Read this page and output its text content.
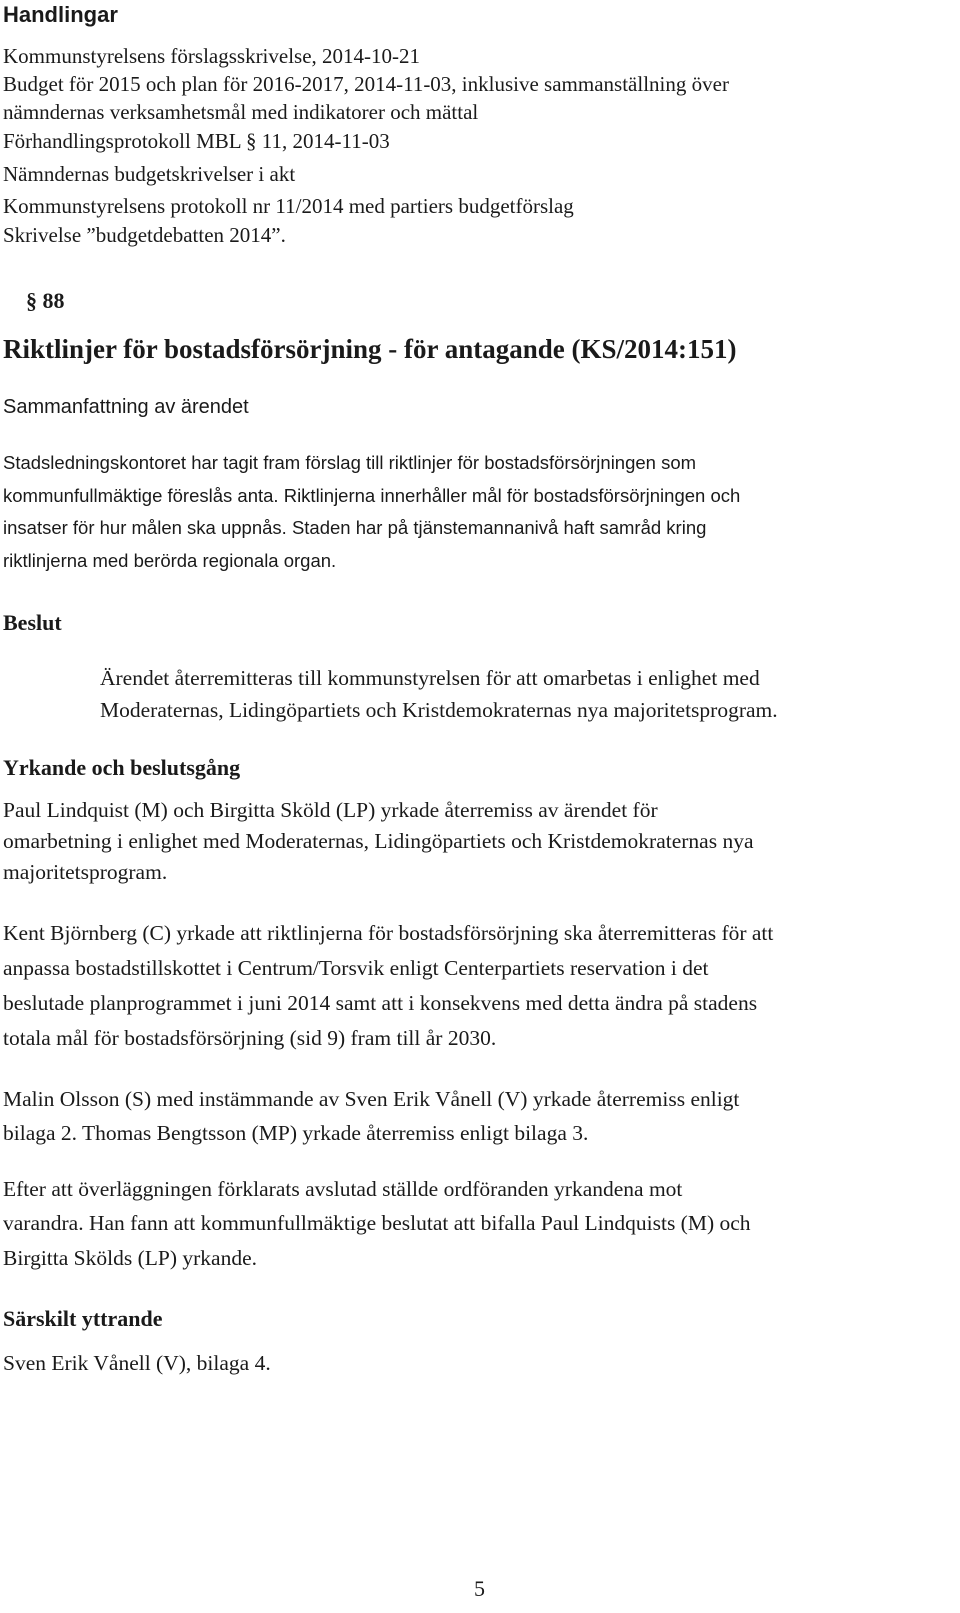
Handlingar
Kommunstyrelsens förslagsskrivelse, 2014-10-21
Budget för 2015 och plan för 2016-2017, 2014-11-03, inklusive sammanställning över
nämndernas verksamhetsmål med indikatorer och mättal
Förhandlingsprotokoll MBL § 11, 2014-11-03
Nämndernas budgetskrivelser i akt
Kommunstyrelsens protokoll nr 11/2014 med partiers budgetförslag
Skrivelse ”budgetdebatten 2014”.
§ 88
Riktlinjer för bostadsförsörjning - för antagande (KS/2014:151)
Sammanfattning av ärendet
Stadsledningskontoret har tagit fram förslag till riktlinjer för bostadsförsörjningen som
kommunfullmäktige föreslås anta. Riktlinjerna innerhåller mål för bostadsförsörjningen och
insatser för hur målen ska uppnås. Staden har på tjänstemannanivå haft samråd kring
riktlinjerna med berörda regionala organ.
Beslut
Ärendet återremitteras till kommunstyrelsen för att omarbetas i enlighet med
Moderaternas, Lidingöpartiets och Kristdemokraternas nya majoritetsprogram.
Yrkande och beslutsgång
Paul Lindquist (M) och Birgitta Sköld (LP) yrkade återremiss av ärendet för
omarbetning i enlighet med Moderaternas, Lidingöpartiets och Kristdemokraternas nya
majoritetsprogram.
Kent Björnberg (C) yrkade att riktlinjerna för bostadsförsörjning ska återremitteras för att
anpassa bostadstillskottet i Centrum/Torsvik enligt Centerpartiets reservation i det
beslutade planprogrammet i juni 2014 samt att i konsekvens med detta ändra på stadens
totala mål för bostadsförsörjning (sid 9) fram till år 2030.
Malin Olsson (S) med instämmande av Sven Erik Vånell (V) yrkade återremiss enligt
bilaga 2. Thomas Bengtsson (MP) yrkade återremiss enligt bilaga 3.
Efter att överläggningen förklarats avslutad ställde ordföranden yrkandena mot
varandra. Han fann att kommunfullmäktige beslutat att bifalla Paul Lindquists (M) och
Birgitta Skölds (LP) yrkande.
Särskilt yttrande
Sven Erik Vånell (V), bilaga 4.
5
